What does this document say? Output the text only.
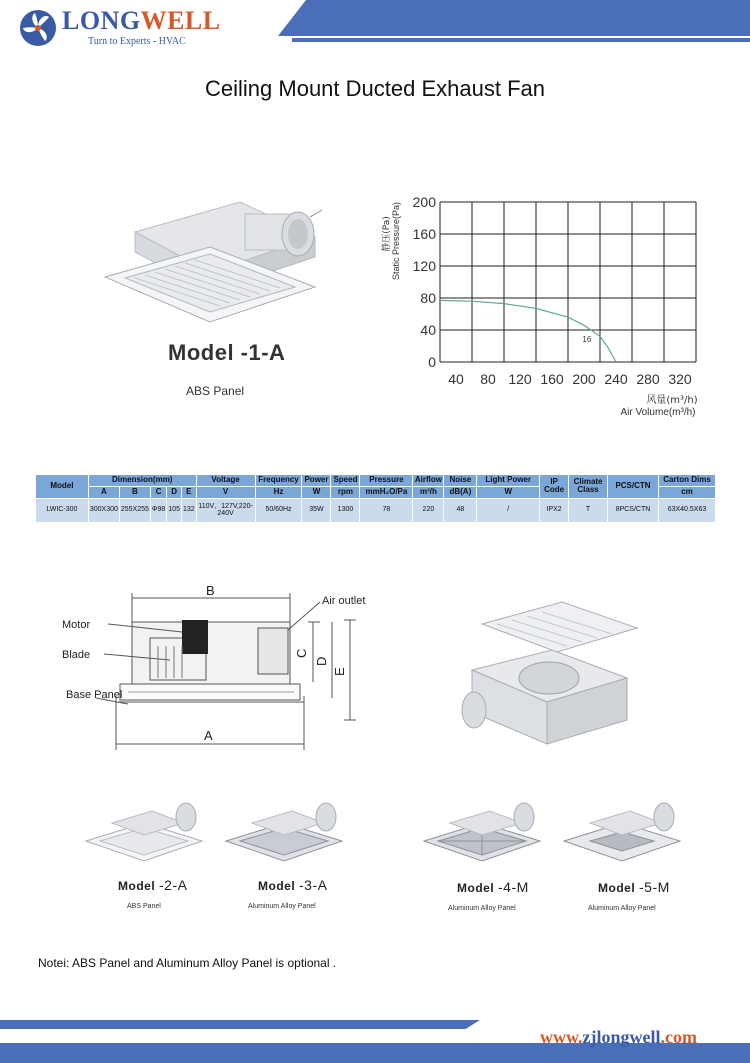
LONGWELL
Turn to Experts - HVAC
Ceiling Mount Ducted Exhaust Fan
Model -1-A
ABS Panel
0
40
80
120
160
200
40 80 120 160 200 240 280 320
16
静压(Pa) Static Pressure(Pa)
风量(m³/h)
Air Volume(m³/h)
Model	Dimension(mm)					Voltage	Frequency	Power	Speed	Pressure	Airflow	Noise	Light Power	IP Code	Climate Class	PCS/CTN	Carton Dims
	A	B	C	D	E	V	Hz	W	rpm	mmH₂O/Pa	m³/h	dB(A)	W				cm
LWIC-300	300X300	255X255	Φ98	105	132	110V、127V,220-240V	50/60Hz	35W	1300	78	220	48	/	IPX2	T	8PCS/CTN	63X40.5X63
B
A
C
D
E
Motor
Blade
Base Panel
Air outlet
Model -2-A
ABS Panel
Model -3-A
Aluminum Alloy Panel
Model -4-M
Aluminum Alloy Panel
Model -5-M
Aluminum Alloy Panel
Notei: ABS Panel and Aluminum Alloy Panel is optional .
www.zjlongwell.com
